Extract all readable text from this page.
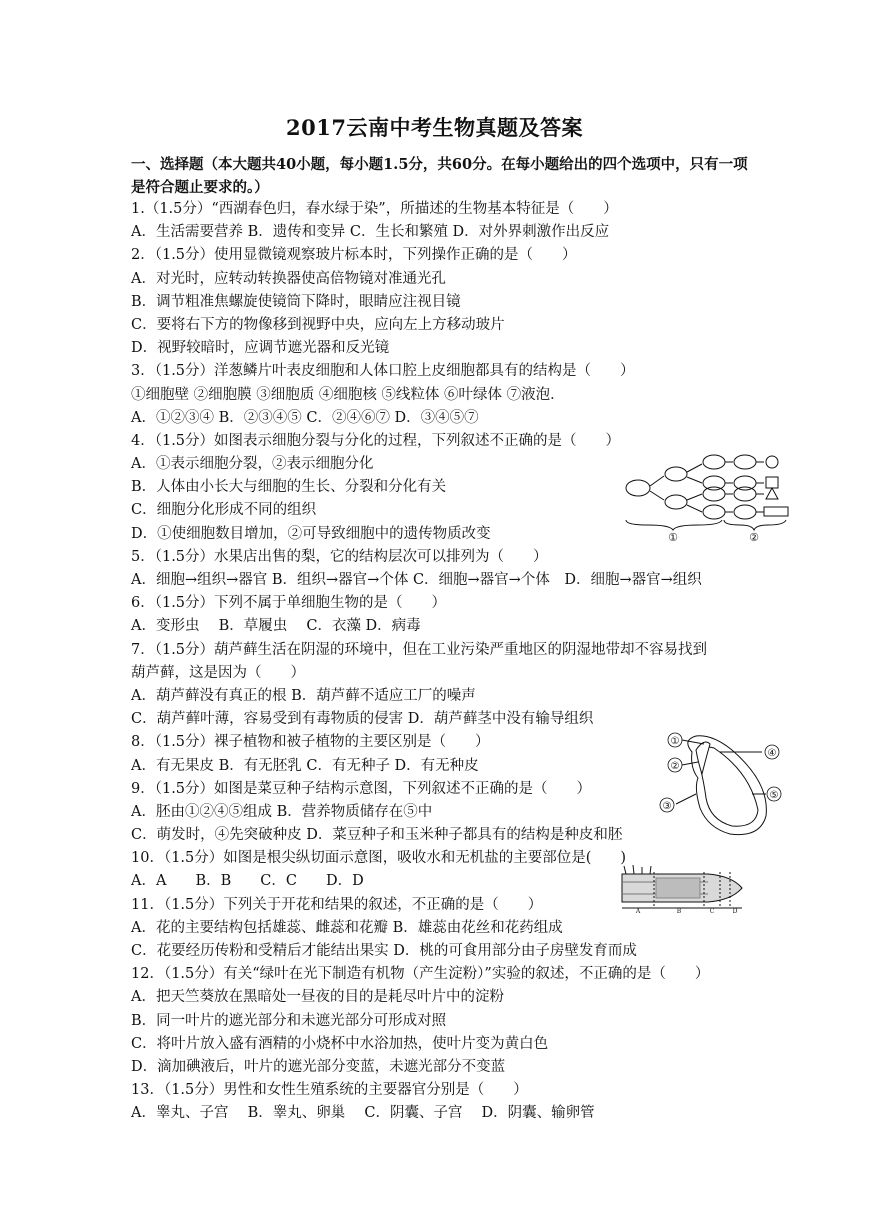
2017云南中考生物真题及答案
一、选择题（本大题共40小题，每小题1.5分，共60分。在每小题给出的四个选项中，只有一项是符合题止要求的。）
1.（1.5分）“西湖春色归，春水绿于染”，所描述的生物基本特征是（　　）
A．生活需要营养 B．遗传和变异 C．生长和繁殖 D．对外界刺激作出反应
2．（1.5分）使用显微镜观察玻片标本时，下列操作正确的是（　　）
A．对光时，应转动转换器使高倍物镜对准通光孔
B．调节粗准焦螺旋使镜筒下降时，眼睛应注视目镜
C．要将右下方的物像移到视野中央，应向左上方移动玻片
D．视野较暗时，应调节遮光器和反光镜
3．（1.5分）洋葱鳞片叶表皮细胞和人体口腔上皮细胞都具有的结构是（　　）
①细胞壁 ②细胞膜 ③细胞质 ④细胞核 ⑤线粒体 ⑥叶绿体 ⑦液泡．
A．①②③④ B．②③④⑤ C．②④⑥⑦ D．③④⑤⑦
4．（1.5分）如图表示细胞分裂与分化的过程，下列叙述不正确的是（　　）
A．①表示细胞分裂，②表示细胞分化
B．人体由小长大与细胞的生长、分裂和分化有关
C．细胞分化形成不同的组织
D．①使细胞数目增加，②可导致细胞中的遗传物质改变
5．（1.5分）水果店出售的梨，它的结构层次可以排列为（　　）
A．细胞→组织→器官 B．组织→器官→个体 C．细胞→器官→个体　D．细胞→器官→组织
6．（1.5分）下列不属于单细胞生物的是（　　）
A．变形虫　 B．草履虫　 C．衣藻 D．病毒
7．（1.5分）葫芦藓生活在阴湿的环境中，但在工业污染严重地区的阴湿地带却不容易找到
葫芦藓，这是因为（　　）
A．葫芦藓没有真正的根 B．葫芦藓不适应工厂的噪声
C．葫芦藓叶薄，容易受到有毒物质的侵害 D．葫芦藓茎中没有输导组织
8．（1.5分）裸子植物和被子植物的主要区别是（　　）
A．有无果皮 B．有无胚乳 C．有无种子 D．有无种皮
9．（1.5分）如图是菜豆种子结构示意图，下列叙述不正确的是（　　）
A．胚由①②④⑤组成 B．营养物质储存在⑤中
C．萌发时，④先突破种皮 D．菜豆种子和玉米种子都具有的结构是种皮和胚
10．（1.5分）如图是根尖纵切面示意图，吸收水和无机盐的主要部位是(　　)
A．A　　B．B　　C．C　　D．D
11．（1.5分）下列关于开花和结果的叙述，不正确的是（　　）
A．花的主要结构包括雄蕊、雌蕊和花瓣 B．雄蕊由花丝和花药组成
C．花要经历传粉和受精后才能结出果实 D．桃的可食用部分由子房壁发育而成
12．（1.5分）有关“绿叶在光下制造有机物（产生淀粉）”实验的叙述，不正确的是（　　）
A．把天竺葵放在黑暗处一昼夜的目的是耗尽叶片中的淀粉
B．同一叶片的遮光部分和未遮光部分可形成对照
C．将叶片放入盛有酒精的小烧杯中水浴加热，使叶片变为黄白色
D．滴加碘液后，叶片的遮光部分变蓝，未遮光部分不变蓝
13．（1.5分）男性和女性生殖系统的主要器官分别是（　　）
A．睾丸、子宫　 B．睾丸、卵巢　 C．阴囊、子宫　 D．阴囊、输卵管
①	②
①
②
③
④
⑤
A	B	C	D
